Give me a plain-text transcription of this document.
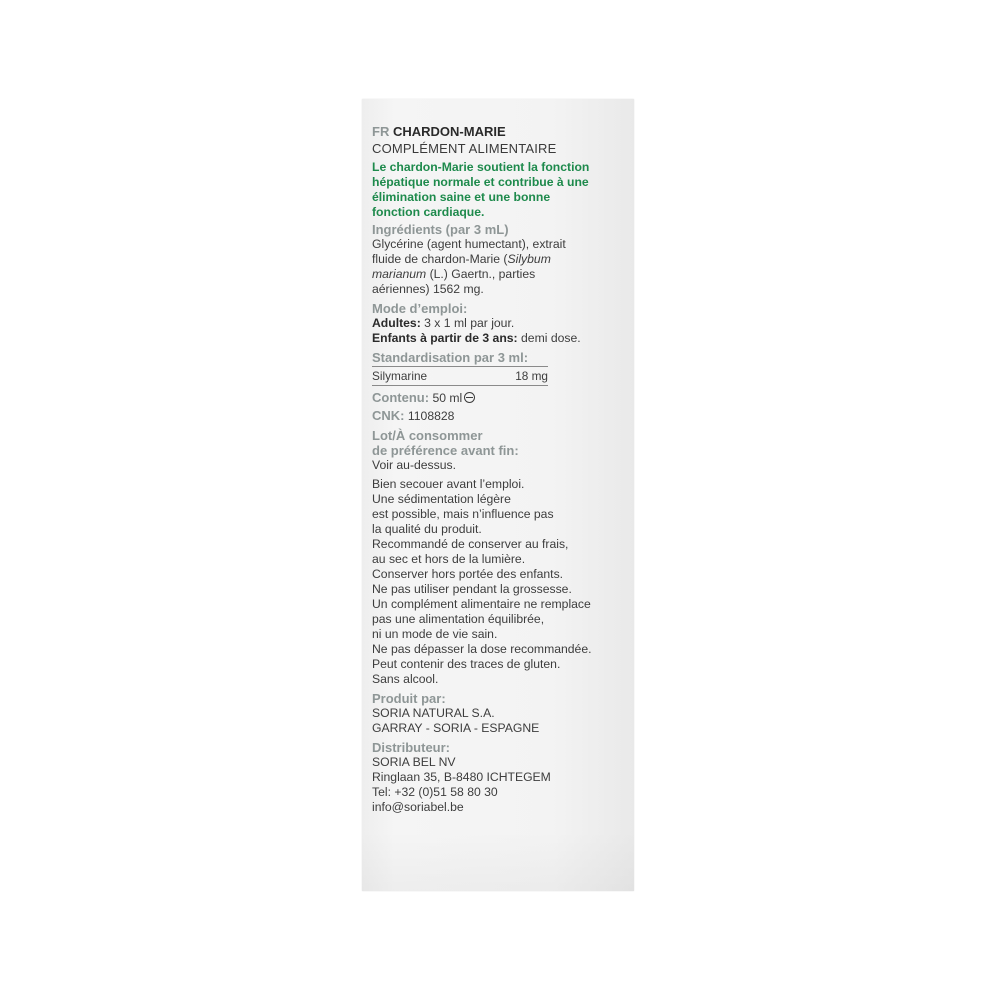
FR CHARDON-MARIE
COMPLÉMENT ALIMENTAIRE
Le chardon-Marie soutient la fonction
hépatique normale et contribue à une
élimination saine et une bonne
fonction cardiaque.
Ingrédients (par 3 mL)
Glycérine (agent humectant), extrait
fluide de chardon-Marie (Silybum
marianum (L.) Gaertn., parties
aériennes) 1562 mg.
Mode d’emploi:
Adultes: 3 x 1 ml par jour.
Enfants à partir de 3 ans: demi dose.
Standardisation par 3 ml:
Silymarine	18 mg
Contenu: 50 ml
CNK: 1108828
Lot/À consommer
de préférence avant fin:
Voir au-dessus.
Bien secouer avant l’emploi.
Une sédimentation légère
est possible, mais n’influence pas
la qualité du produit.
Recommandé de conserver au frais,
au sec et hors de la lumière.
Conserver hors portée des enfants.
Ne pas utiliser pendant la grossesse.
Un complément alimentaire ne remplace
pas une alimentation équilibrée,
ni un mode de vie sain.
Ne pas dépasser la dose recommandée.
Peut contenir des traces de gluten.
Sans alcool.
Produit par:
SORIA NATURAL S.A.
GARRAY - SORIA - ESPAGNE
Distributeur:
SORIA BEL NV
Ringlaan 35, B-8480 ICHTEGEM
Tel: +32 (0)51 58 80 30
info@soriabel.be
